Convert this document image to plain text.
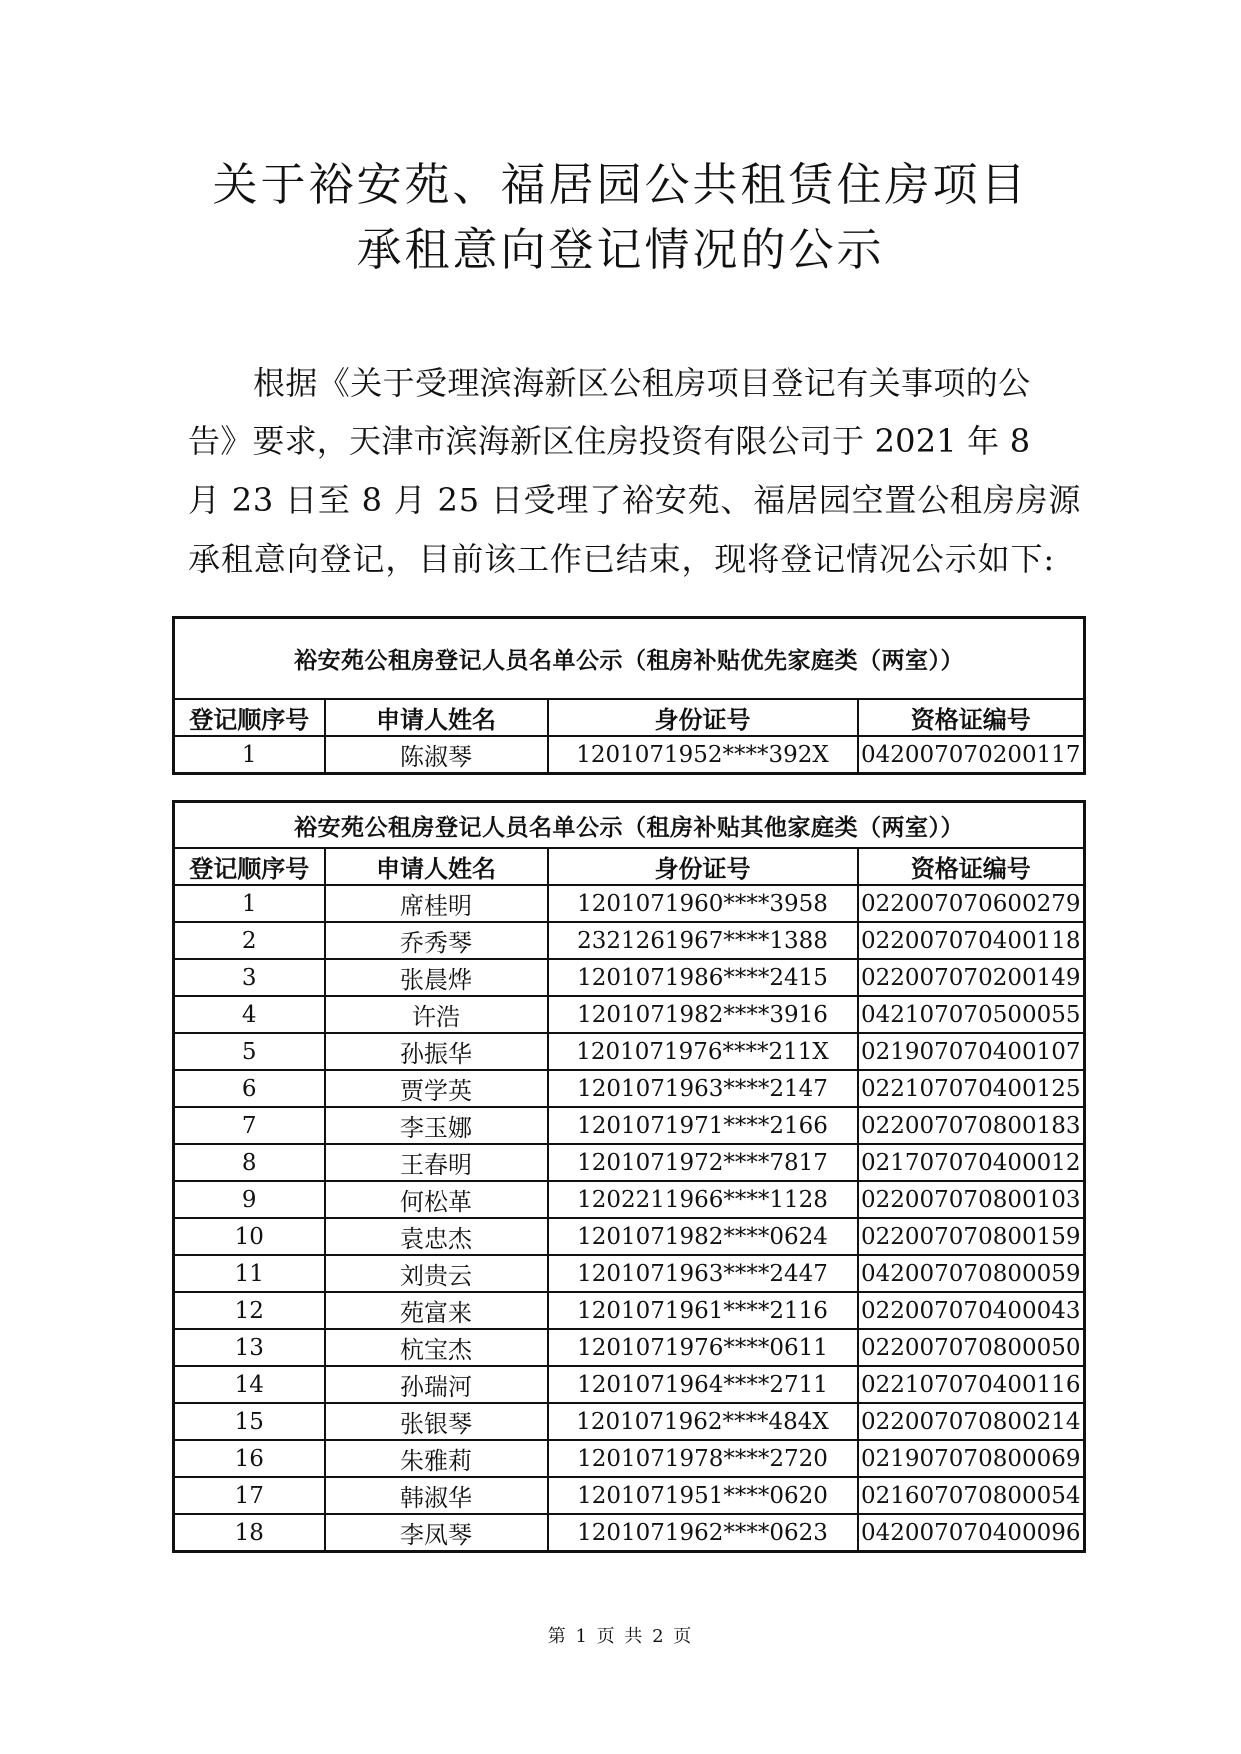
关于裕安苑、福居园公共租赁住房项目
承租意向登记情况的公示
根据《关于受理滨海新区公租房项目登记有关事项的公
告》要求，天津市滨海新区住房投资有限公司于 2021 年 8
月 23 日至 8 月 25 日受理了裕安苑、福居园空置公租房房源
承租意向登记，目前该工作已结束，现将登记情况公示如下:
裕安苑公租房登记人员名单公示（租房补贴优先家庭类（两室））			
登记顺序号	申请人姓名	身份证号	资格证编号
1	陈淑琴	1201071952****392X	042007070200117
裕安苑公租房登记人员名单公示（租房补贴其他家庭类（两室））			
登记顺序号	申请人姓名	身份证号	资格证编号
1	席桂明	1201071960****3958	022007070600279
2	乔秀琴	2321261967****1388	022007070400118
3	张晨烨	1201071986****2415	022007070200149
4	许浩	1201071982****3916	042107070500055
5	孙振华	1201071976****211X	021907070400107
6	贾学英	1201071963****2147	022107070400125
7	李玉娜	1201071971****2166	022007070800183
8	王春明	1201071972****7817	021707070400012
9	何松革	1202211966****1128	022007070800103
10	袁忠杰	1201071982****0624	022007070800159
11	刘贵云	1201071963****2447	042007070800059
12	苑富来	1201071961****2116	022007070400043
13	杭宝杰	1201071976****0611	022007070800050
14	孙瑞河	1201071964****2711	022107070400116
15	张银琴	1201071962****484X	022007070800214
16	朱雅莉	1201071978****2720	021907070800069
17	韩淑华	1201071951****0620	021607070800054
18	李凤琴	1201071962****0623	042007070400096
第 1 页 共 2 页
